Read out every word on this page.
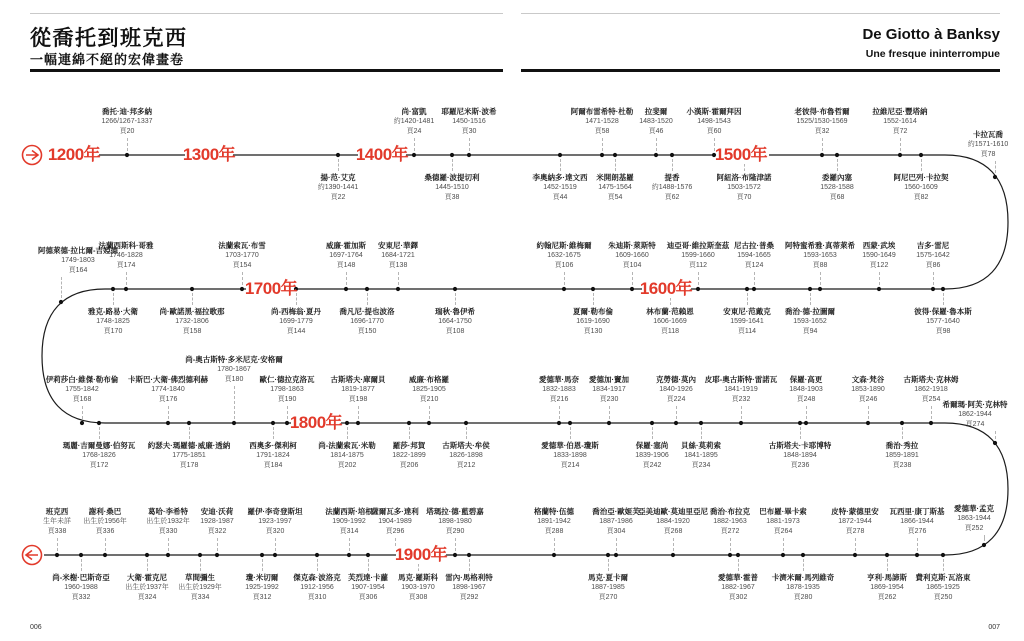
從喬托到班克西
一幅連綿不絕的宏偉畫卷
De Giotto à Banksy
Une fresque ininterrompue
1200年	1300年	1400年	1500年
1700年	1600年
1800年
1900年
喬托·迪·邦多納
1266/1267-1337
頁20
尚·富凱
約1420-1481
頁24
耶羅尼米斯·波希
1450-1516
頁30
阿爾布雷希特·杜勒
1471-1528
頁58
拉斐爾
1483-1520
頁46
小漢斯·霍爾拜因
1498-1543
頁60
老彼得·布魯哲爾
1525/1530-1569
頁32
拉維尼亞·豐塔納
1552-1614
頁72	卡拉瓦喬
約1571-1610
頁78
揚·范·艾克
約1390-1441
頁22
桑德羅·波提切利
1445-1510
頁38
李奧納多·達文西
1452-1519
頁44
米開朗基羅
1475-1564
頁54
提香
約1488-1576
頁62
阿紐洛·布隆津諾
1503-1572
頁70
委羅內塞
1528-1588
頁68
阿尼巴列·卡拉契
1560-1609
頁82
阿德萊德·拉比爾-吉婭德
1749-1803
頁164
法蘭西斯科·哥雅
1746-1828
頁174
法蘭索瓦·布雪
1703-1770
頁154
威廉·霍加斯
1697-1764
頁148
安東尼·華鐸
1684-1721
頁138
約翰尼斯·維梅爾
1632-1675
頁106
朱迪斯·萊斯特
1609-1660
頁104
迪亞哥·維拉斯奎茲
1599-1660
頁112
尼古拉·普桑
1594-1665
頁124
阿特蜜希雅·真蒂萊希
1593-1653
頁88
西蒙·武埃
1590-1649
頁122
吉多·雷尼
1575-1642
頁86
雅克-路易·大衛
1748-1825
頁170
尚·歐諾黑·福拉歌那
1732-1806
頁158
尚-西梅翁·夏丹
1699-1779
頁144
喬凡尼·提也波洛
1696-1770
頁150
瑞秋·魯伊希
1664-1750
頁108
夏爾·勒布倫
1619-1690
頁130
林布蘭·范賴恩
1606-1669
頁118
安東尼·范戴克
1599-1641
頁114
喬治·德·拉圖爾
1593-1652
頁94
彼得·保羅·魯本斯
1577-1640
頁98
伊莉莎白·維傑·勒布倫
1755-1842
頁168
卡斯巴·大衛·佛烈德利赫
1774-1840
頁176
尚-奧古斯特·多米尼克·安格爾
1780-1867
頁180	歐仁·德拉克洛瓦
1798-1863
頁190
古斯塔夫·庫爾貝
1819-1877
頁198
威廉·布格羅
1825-1905
頁210
愛德華·馬奈
1832-1883
頁216
愛德加·竇加
1834-1917
頁230
克勞德·莫內
1840-1926
頁224
皮耶-奧古斯特·雷諾瓦
1841-1919
頁232
保羅·高更
1848-1903
頁248
文森·梵谷
1853-1890
頁246
古斯塔夫·克林姆
1862-1918
頁254
希爾瑪·阿芙·克林特
1862-1944
頁274
瑪麗·吉爾曼娜·伯努瓦
1768-1826
頁172
約瑟夫·瑪羅德·威廉·透納
1775-1851
頁178
西奧多·傑利柯
1791-1824
頁184
尚-法蘭索瓦·米勒
1814-1875
頁202
羅莎·邦賀
1822-1899
頁206
古斯塔夫·牟侯
1826-1898
頁212
愛德華·伯恩-瓊斯
1833-1898
頁214
保羅·塞尚
1839-1906
頁242
貝絲·莫莉索
1841-1895
頁234
古斯塔夫·卡耶博特
1848-1894
頁236
喬治·秀拉
1859-1891
頁238
班克西
生年未詳
頁338
謝利·桑巴
出生於1956年
頁336
葛哈·李希特
出生於1932年
頁330
安迪·沃荷
1928-1987
頁322
羅伊·李奇登斯坦
1923-1997
頁320
法蘭西斯·培根
1909-1992
頁314
薩爾瓦多·達利
1904-1989
頁296
塔瑪拉·德·藍碧嘉
1898-1980
頁290
格蘭特·伍德
1891-1942
頁288
喬治亞·歐姬芙
1887-1986
頁304
亞美迪歐·莫迪里亞尼
1884-1920
頁268
喬治·布拉克
1882-1963
頁272
巴布羅·畢卡索
1881-1973
頁264
皮特·蒙德里安
1872-1944
頁278
瓦西里·康丁斯基
1866-1944
頁276
愛德華·孟克
1863-1944
頁252
尚-米榭·巴斯奇亞
1960-1988
頁332
大衛·霍克尼
出生於1937年
頁324
草間彌生
出生於1929年
頁334
瓊·米切爾
1925-1992
頁312
傑克森·波洛克
1912-1956
頁310
芙烈達·卡蘿
1907-1954
頁306
馬克·羅斯科
1903-1970
頁308
雷內·馬格利特
1898-1967
頁292
馬克·夏卡爾
1887-1985
頁270
愛德華·霍普
1882-1967
頁302
卡濟米爾·馬列維奇
1878-1935
頁280
亨利·馬諦斯
1869-1954
頁262
費利克斯·瓦洛東
1865-1925
頁250
006	007
